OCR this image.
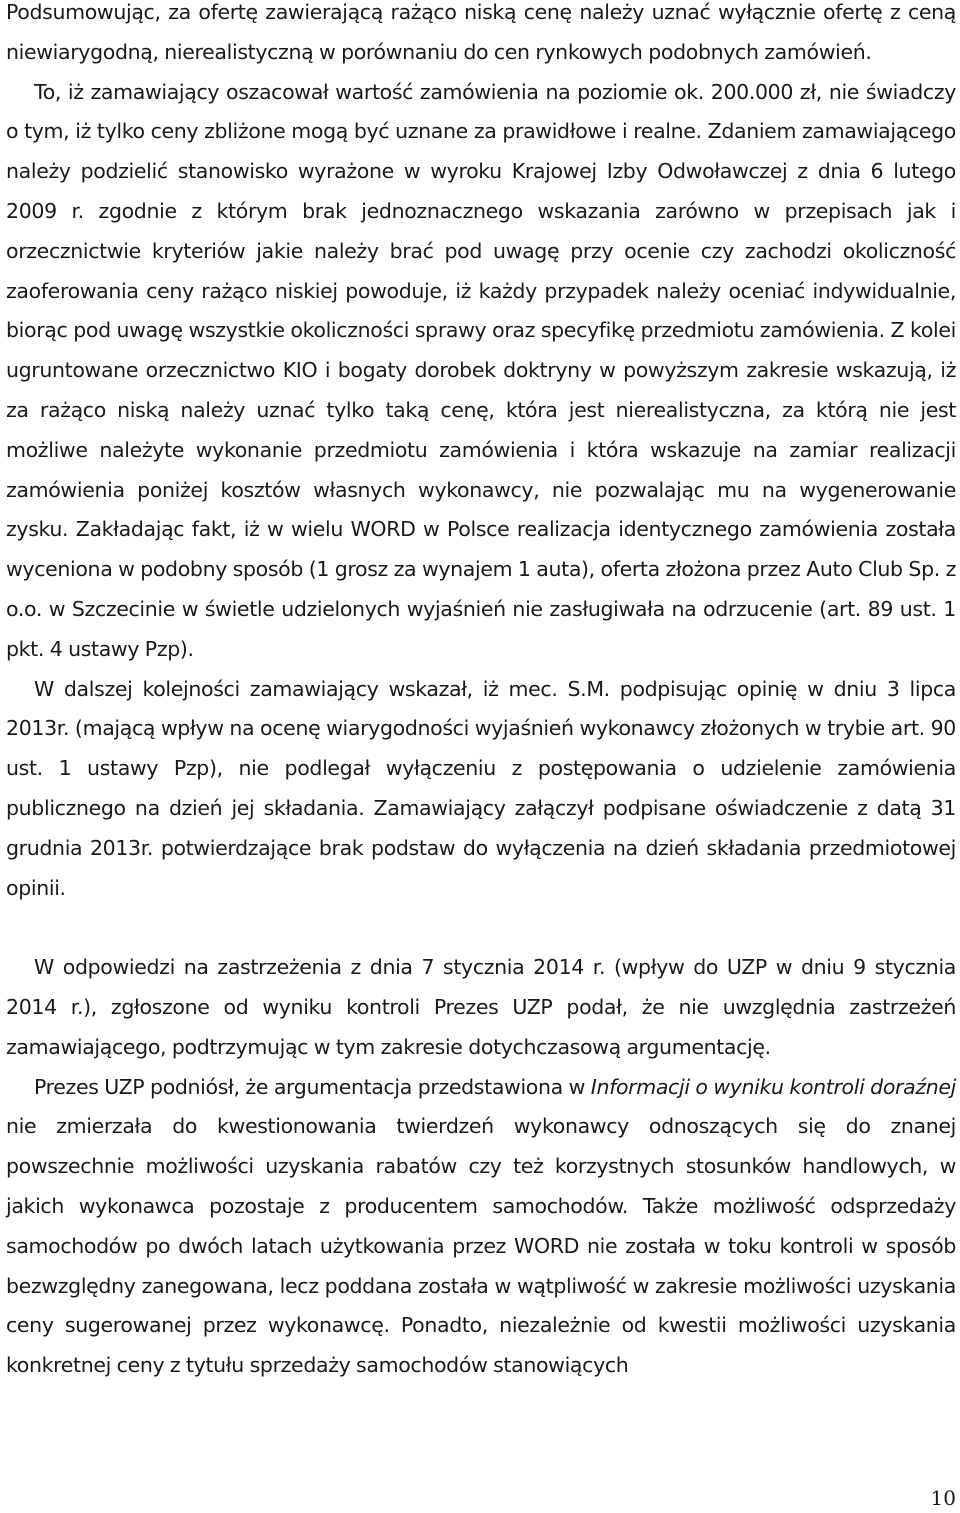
Podsumowując, za ofertę zawierającą rażąco niską cenę należy uznać wyłącznie ofertę z ceną niewiarygodną, nierealistyczną w porównaniu do cen rynkowych podobnych zamówień.

To, iż zamawiający oszacował wartość zamówienia na poziomie ok. 200.000 zł, nie świadczy o tym, iż tylko ceny zbliżone mogą być uznane za prawidłowe i realne. Zdaniem zamawiającego należy podzielić stanowisko wyrażone w wyroku Krajowej Izby Odwoławczej z dnia 6 lutego 2009 r. zgodnie z którym brak jednoznacznego wskazania zarówno w przepisach jak i orzecznictwie kryteriów jakie należy brać pod uwagę przy ocenie czy zachodzi okoliczność zaoferowania ceny rażąco niskiej powoduje, iż każdy przypadek należy oceniać indywidualnie, biorąc pod uwagę wszystkie okoliczności sprawy oraz specyfikę przedmiotu zamówienia. Z kolei ugruntowane orzecznictwo KIO i bogaty dorobek doktryny w powyższym zakresie wskazują, iż za rażąco niską należy uznać tylko taką cenę, która jest nierealistyczna, za którą nie jest możliwe należyte wykonanie przedmiotu zamówienia i która wskazuje na zamiar realizacji zamówienia poniżej kosztów własnych wykonawcy, nie pozwalając mu na wygenerowanie zysku. Zakładając fakt, iż w wielu WORD w Polsce realizacja identycznego zamówienia została wyceniona w podobny sposób (1 grosz za wynajem 1 auta), oferta złożona przez Auto Club Sp. z o.o. w Szczecinie w świetle udzielonych wyjaśnień nie zasługiwała na odrzucenie (art. 89 ust. 1 pkt. 4 ustawy Pzp).

W dalszej kolejności zamawiający wskazał, iż mec. S.M. podpisując opinię w dniu 3 lipca 2013r. (mającą wpływ na ocenę wiarygodności wyjaśnień wykonawcy złożonych w trybie art. 90 ust. 1 ustawy Pzp), nie podlegał wyłączeniu z postępowania o udzielenie zamówienia publicznego na dzień jej składania. Zamawiający załączył podpisane oświadczenie z datą 31 grudnia 2013r. potwierdzające brak podstaw do wyłączenia na dzień składania przedmiotowej opinii.

W odpowiedzi na zastrzeżenia z dnia 7 stycznia 2014 r. (wpływ do UZP w dniu 9 stycznia 2014 r.), zgłoszone od wyniku kontroli Prezes UZP podał, że nie uwzględnia zastrzeżeń zamawiającego, podtrzymując w tym zakresie dotychczasową argumentację.

Prezes UZP podniósł, że argumentacja przedstawiona w Informacji o wyniku kontroli doraźnej nie zmierzała do kwestionowania twierdzeń wykonawcy odnoszących się do znanej powszechnie możliwości uzyskania rabatów czy też korzystnych stosunków handlowych, w jakich wykonawca pozostaje z producentem samochodów. Także możliwość odsprzedaży samochodów po dwóch latach użytkowania przez WORD nie została w toku kontroli w sposób bezwzględny zanegowana, lecz poddana została w wątpliwość w zakresie możliwości uzyskania ceny sugerowanej przez wykonawcę. Ponadto, niezależnie od kwestii możliwości uzyskania konkretnej ceny z tytułu sprzedaży samochodów stanowiących

10
